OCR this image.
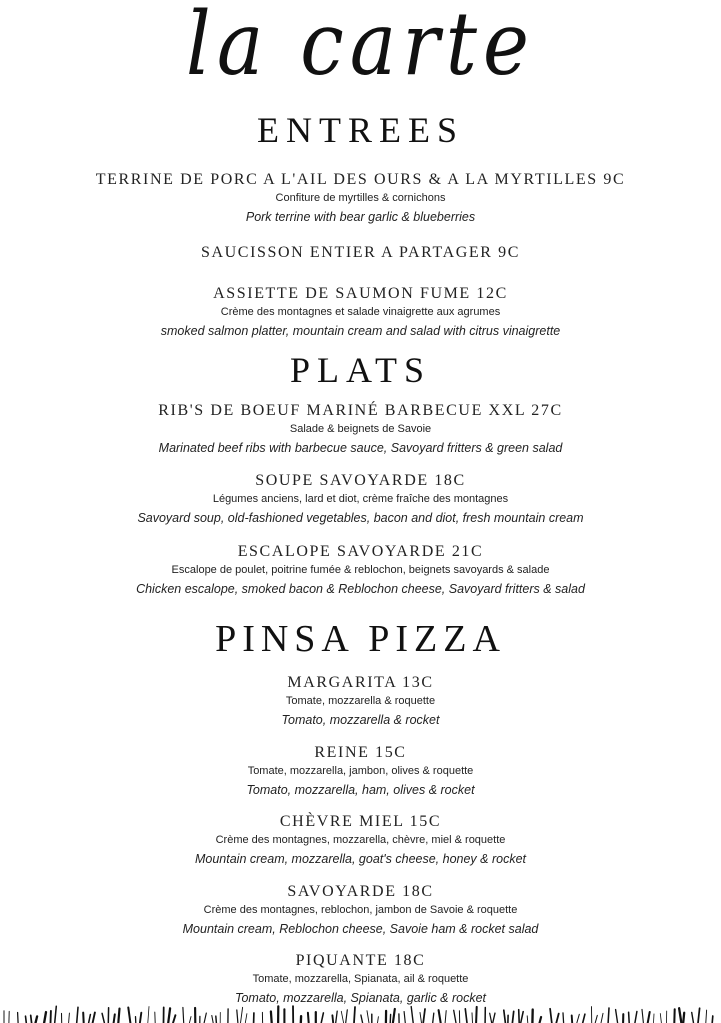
la carte
ENTREES
TERRINE DE PORC A L'AIL DES OURS & A LA MYRTILLES 9C
Confiture de myrtilles & cornichons
Pork terrine with bear garlic & blueberries
SAUCISSON ENTIER A PARTAGER 9C
ASSIETTE DE SAUMON FUME 12C
Crème des montagnes et salade vinaigrette aux agrumes
smoked salmon platter, mountain cream and salad with citrus vinaigrette
PLATS
RIB'S DE BOEUF MARINÉ BARBECUE XXL 27C
Salade & beignets de Savoie
Marinated beef ribs with barbecue sauce, Savoyard fritters & green salad
SOUPE SAVOYARDE 18C
Légumes anciens, lard et diot, crème fraîche des montagnes
Savoyard soup, old-fashioned vegetables, bacon and diot, fresh mountain cream
ESCALOPE SAVOYARDE 21C
Escalope de poulet, poitrine fumée & reblochon, beignets savoyards & salade
Chicken escalope, smoked bacon & Reblochon cheese, Savoyard fritters & salad
PINSA PIZZA
MARGARITA 13C
Tomate, mozzarella & roquette
Tomato, mozzarella & rocket
REINE 15C
Tomate, mozzarella, jambon, olives & roquette
Tomato, mozzarella, ham, olives & rocket
CHÈVRE MIEL 15C
Crème des montagnes, mozzarella, chèvre, miel & roquette
Mountain cream, mozzarella, goat's cheese, honey & rocket
SAVOYARDE 18C
Crème des montagnes, reblochon, jambon de Savoie & roquette
Mountain cream, Reblochon cheese, Savoie ham & rocket salad
PIQUANTE 18C
Tomate, mozzarella, Spianata, ail & roquette
Tomato, mozzarella, Spianata, garlic & rocket
